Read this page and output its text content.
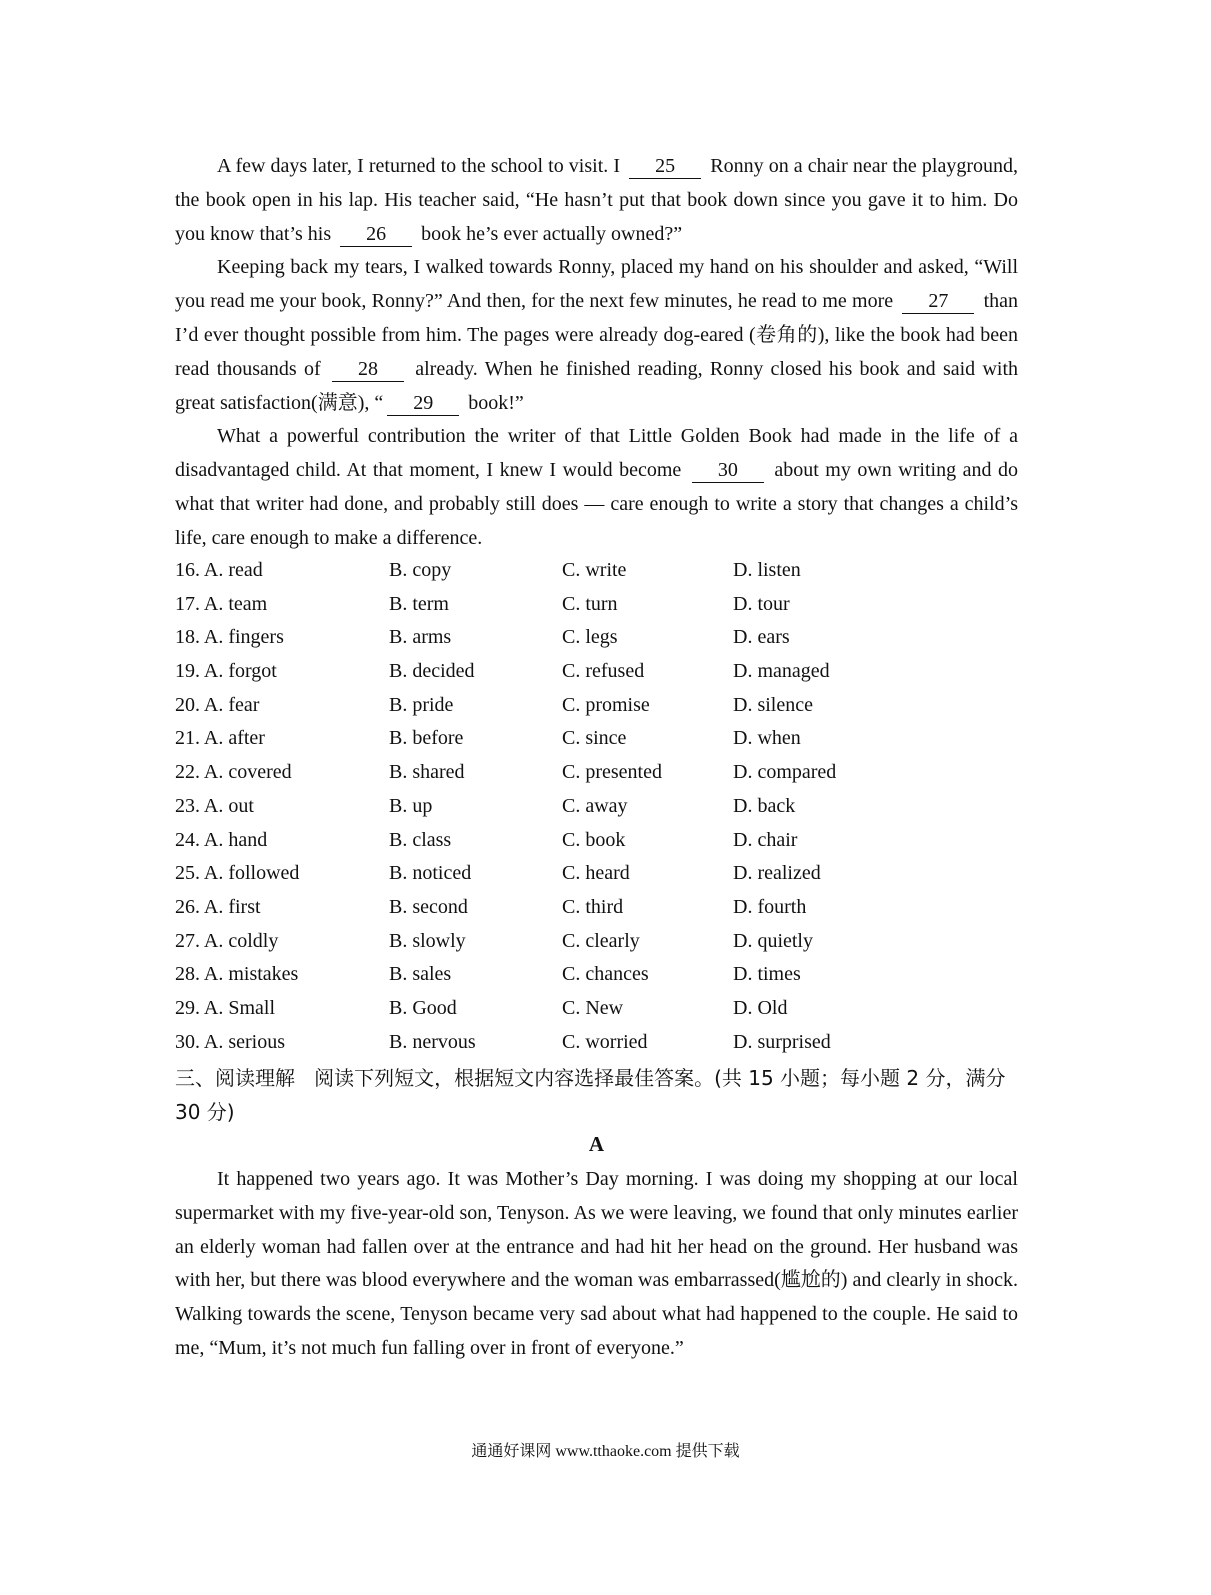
A few days later, I returned to the school to visit. I 25 Ronny on a chair near the playground, the book open in his lap. His teacher said, “He hasn’t put that book down since you gave it to him. Do you know that’s his 26 book he’s ever actually owned?”

Keeping back my tears, I walked towards Ronny, placed my hand on his shoulder and asked, “Will you read me your book, Ronny?” And then, for the next few minutes, he read to me more 27 than I’d ever thought possible from him. The pages were already dog-eared (卷角的), like the book had been read thousands of 28 already. When he finished reading, Ronny closed his book and said with great satisfaction(满意), “ 29 book!”

What a powerful contribution the writer of that Little Golden Book had made in the life of a disadvantaged child. At that moment, I knew I would become 30 about my own writing and do what that writer had done, and probably still does — care enough to write a story that changes a child’s life, care enough to make a difference.

16. A. read	B. copy	C. write	D. listen
17. A. team	B. term	C. turn	D. tour
18. A. fingers	B. arms	C. legs	D. ears
19. A. forgot	B. decided	C. refused	D. managed
20. A. fear	B. pride	C. promise	D. silence
21. A. after	B. before	C. since	D. when
22. A. covered	B. shared	C. presented	D. compared
23. A. out	B. up	C. away	D. back
24. A. hand	B. class	C. book	D. chair
25. A. followed	B. noticed	C. heard	D. realized
26. A. first	B. second	C. third	D. fourth
27. A. coldly	B. slowly	C. clearly	D. quietly
28. A. mistakes	B. sales	C. chances	D. times
29. A. Small	B. Good	C. New	D. Old
30. A. serious	B. nervous	C. worried	D. surprised
三、阅读理解 阅读下列短文，根据短文内容选择最佳答案。(共 15 小题；每小题 2 分，满分 30 分)
A

It happened two years ago. It was Mother’s Day morning. I was doing my shopping at our local supermarket with my five-year-old son, Tenyson. As we were leaving, we found that only minutes earlier an elderly woman had fallen over at the entrance and had hit her head on the ground. Her husband was with her, but there was blood everywhere and the woman was embarrassed(尴尬的) and clearly in shock. Walking towards the scene, Tenyson became very sad about what had happened to the couple. He said to me, “Mum, it’s not much fun falling over in front of everyone.”

通通好课网 www.tthaoke.com 提供下载
